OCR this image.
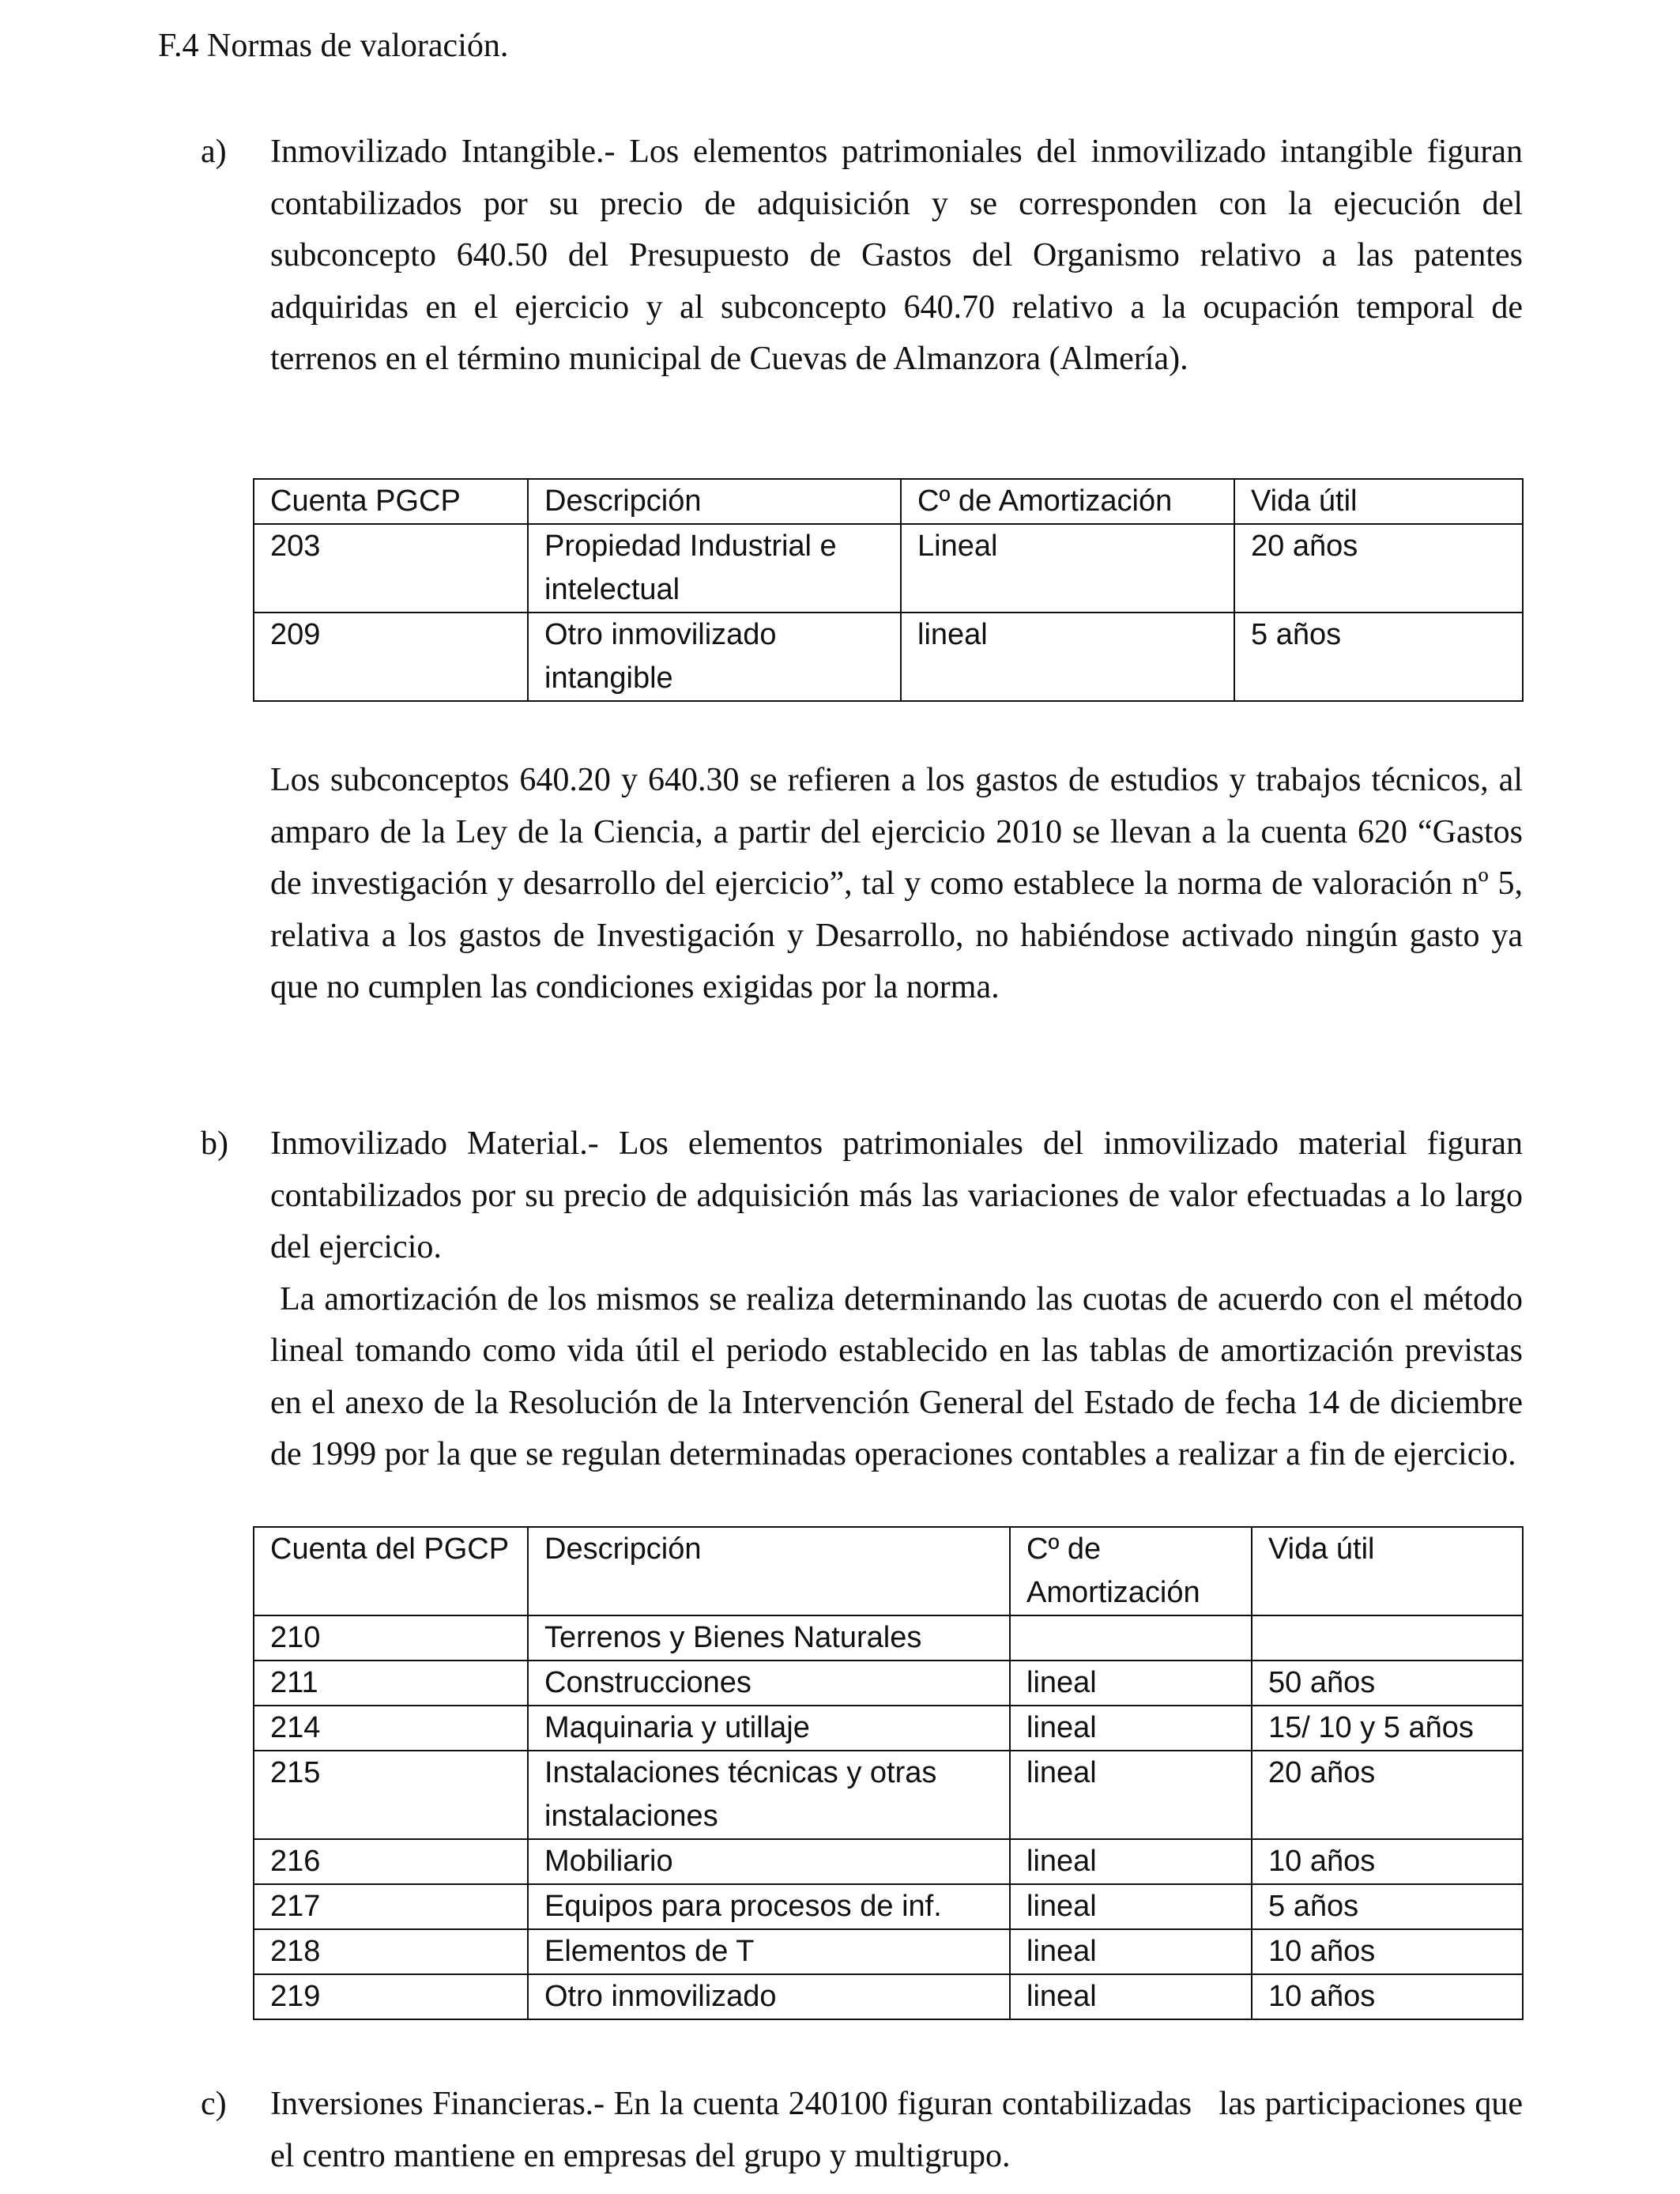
F.4 Normas de valoración.
a) Inmovilizado Intangible.- Los elementos patrimoniales del inmovilizado intangible figuran contabilizados por su precio de adquisición y se corresponden con la ejecución del subconcepto 640.50 del Presupuesto de Gastos del Organismo relativo a las patentes adquiridas en el ejercicio y al subconcepto 640.70 relativo a la ocupación temporal de terrenos en el término municipal de Cuevas de Almanzora (Almería).
Cuenta PGCP	Descripción	Cº de Amortización	Vida útil
203	Propiedad Industrial e intelectual	Lineal	20 años
209	Otro inmovilizado intangible	lineal	5 años

Los subconceptos 640.20 y 640.30 se refieren a los gastos de estudios y trabajos técnicos, al amparo de la Ley de la Ciencia, a partir del ejercicio 2010 se llevan a la cuenta 620 “Gastos de investigación y desarrollo del ejercicio”, tal y como establece la norma de valoración nº 5, relativa a los gastos de Investigación y Desarrollo, no habiéndose activado ningún gasto ya que no cumplen las condiciones exigidas por la norma.

b) Inmovilizado Material.- Los elementos patrimoniales del inmovilizado material figuran contabilizados por su precio de adquisición más las variaciones de valor efectuadas a lo largo del ejercicio.

La amortización de los mismos se realiza determinando las cuotas de acuerdo con el método lineal tomando como vida útil el periodo establecido en las tablas de amortización previstas en el anexo de la Resolución de la Intervención General del Estado de fecha 14 de diciembre de 1999 por la que se regulan determinadas operaciones contables a realizar a fin de ejercicio.

Cuenta del PGCP	Descripción	Cº de Amortización	Vida útil
210	Terrenos y Bienes Naturales		
211	Construcciones	lineal	50 años
214	Maquinaria y utillaje	lineal	15/ 10 y 5 años
215	Instalaciones técnicas y otras instalaciones	lineal	20 años
216	Mobiliario	lineal	10 años
217	Equipos para procesos de inf.	lineal	5 años
218	Elementos de T	lineal	10 años
219	Otro inmovilizado	lineal	10 años
c) Inversiones Financieras.- En la cuenta 240100 figuran contabilizadas   las participaciones que el centro mantiene en empresas del grupo y multigrupo.
